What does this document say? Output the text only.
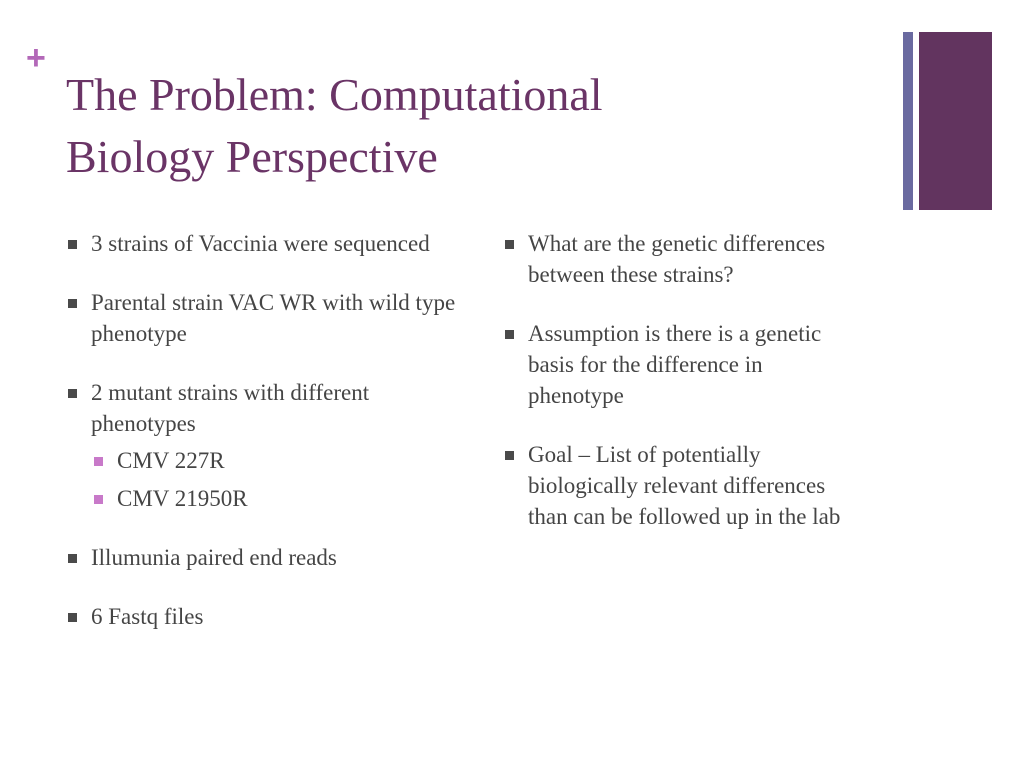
+
The Problem: Computational
Biology Perspective
3 strains of Vaccinia were sequenced
Parental strain VAC WR with wild type phenotype
2 mutant strains with different phenotypes
CMV 227R
CMV 21950R
Illumunia paired end reads
6 Fastq files
What are the genetic differences between these strains?
Assumption is there is a genetic basis for the difference in phenotype
Goal – List of potentially biologically relevant differences than can be followed up in the lab
